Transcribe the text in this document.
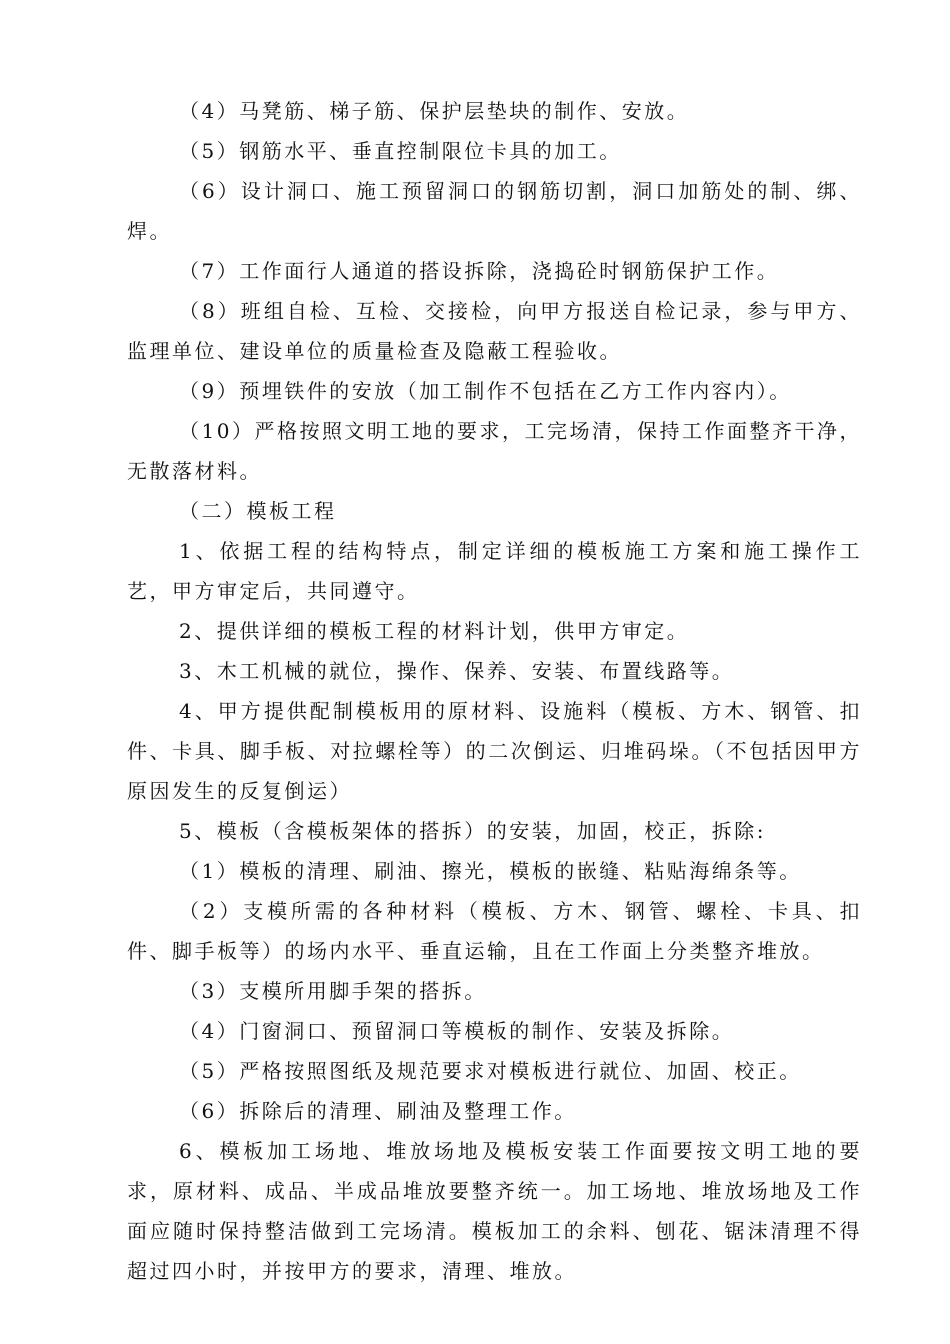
（4）马凳筋、梯子筋、保护层垫块的制作、安放。

（5）钢筋水平、垂直控制限位卡具的加工。

（6）设计洞口、施工预留洞口的钢筋切割，洞口加筋处的制、绑、焊。

（7）工作面行人通道的搭设拆除，浇捣砼时钢筋保护工作。

（8）班组自检、互检、交接检，向甲方报送自检记录，参与甲方、监理单位、建设单位的质量检查及隐蔽工程验收。

（9）预埋铁件的安放（加工制作不包括在乙方工作内容内）。

（10）严格按照文明工地的要求，工完场清，保持工作面整齐干净，无散落材料。

（二）模板工程

1、依据工程的结构特点，制定详细的模板施工方案和施工操作工艺，甲方审定后，共同遵守。

2、提供详细的模板工程的材料计划，供甲方审定。

3、木工机械的就位，操作、保养、安装、布置线路等。

4、甲方提供配制模板用的原材料、设施料（模板、方木、钢管、扣件、卡具、脚手板、对拉螺栓等）的二次倒运、归堆码垛。（不包括因甲方原因发生的反复倒运）

5、模板（含模板架体的搭拆）的安装，加固，校正，拆除:

（1）模板的清理、刷油、擦光，模板的嵌缝、粘贴海绵条等。

（2）支模所需的各种材料（模板、方木、钢管、螺栓、卡具、扣件、脚手板等）的场内水平、垂直运输，且在工作面上分类整齐堆放。

（3）支模所用脚手架的搭拆。

（4）门窗洞口、预留洞口等模板的制作、安装及拆除。

（5）严格按照图纸及规范要求对模板进行就位、加固、校正。

（6）拆除后的清理、刷油及整理工作。

6、模板加工场地、堆放场地及模板安装工作面要按文明工地的要求，原材料、成品、半成品堆放要整齐统一。加工场地、堆放场地及工作面应随时保持整洁做到工完场清。模板加工的余料、刨花、锯沫清理不得超过四小时，并按甲方的要求，清理、堆放。
